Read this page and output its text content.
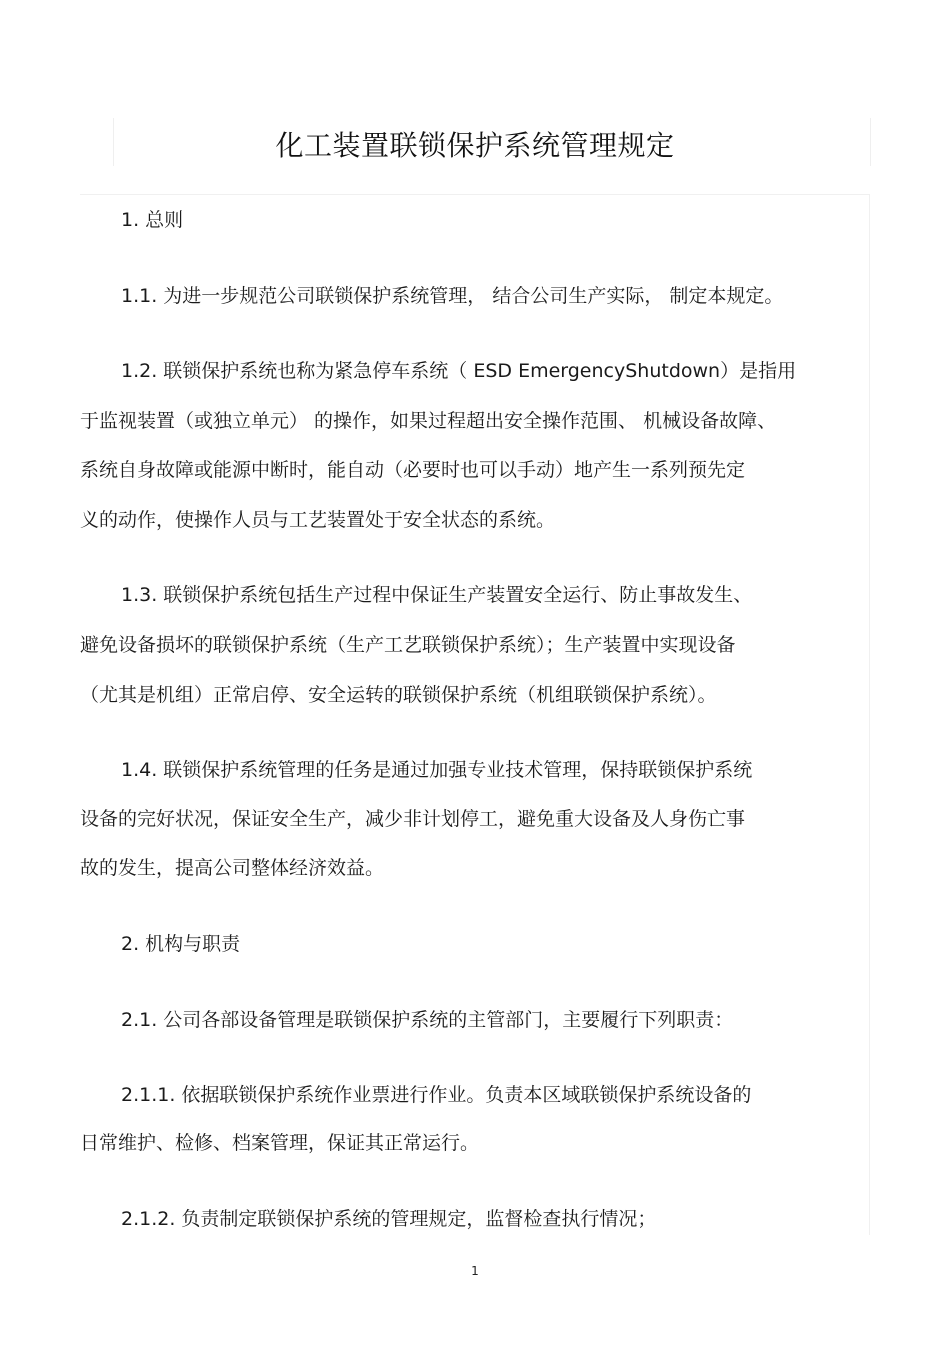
化工装置联锁保护系统管理规定

1. 总则

1.1. 为进一步规范公司联锁保护系统管理， 结合公司生产实际， 制定本规定。

1.2. 联锁保护系统也称为紧急停车系统（ ESD EmergencyShutdown）是指用

于监视装置（或独立单元） 的操作，如果过程超出安全操作范围、 机械设备故障、

系统自身故障或能源中断时，能自动（必要时也可以手动）地产生一系列预先定

义的动作，使操作人员与工艺装置处于安全状态的系统。

1.3. 联锁保护系统包括生产过程中保证生产装置安全运行、防止事故发生、

避免设备损坏的联锁保护系统（生产工艺联锁保护系统）；生产装置中实现设备

（尤其是机组）正常启停、安全运转的联锁保护系统（机组联锁保护系统）。

1.4. 联锁保护系统管理的任务是通过加强专业技术管理，保持联锁保护系统

设备的完好状况，保证安全生产，减少非计划停工，避免重大设备及人身伤亡事

故的发生，提高公司整体经济效益。

2. 机构与职责

2.1. 公司各部设备管理是联锁保护系统的主管部门，主要履行下列职责：

2.1.1. 依据联锁保护系统作业票进行作业。负责本区域联锁保护系统设备的

日常维护、检修、档案管理，保证其正常运行。

2.1.2. 负责制定联锁保护系统的管理规定，监督检查执行情况；

1
